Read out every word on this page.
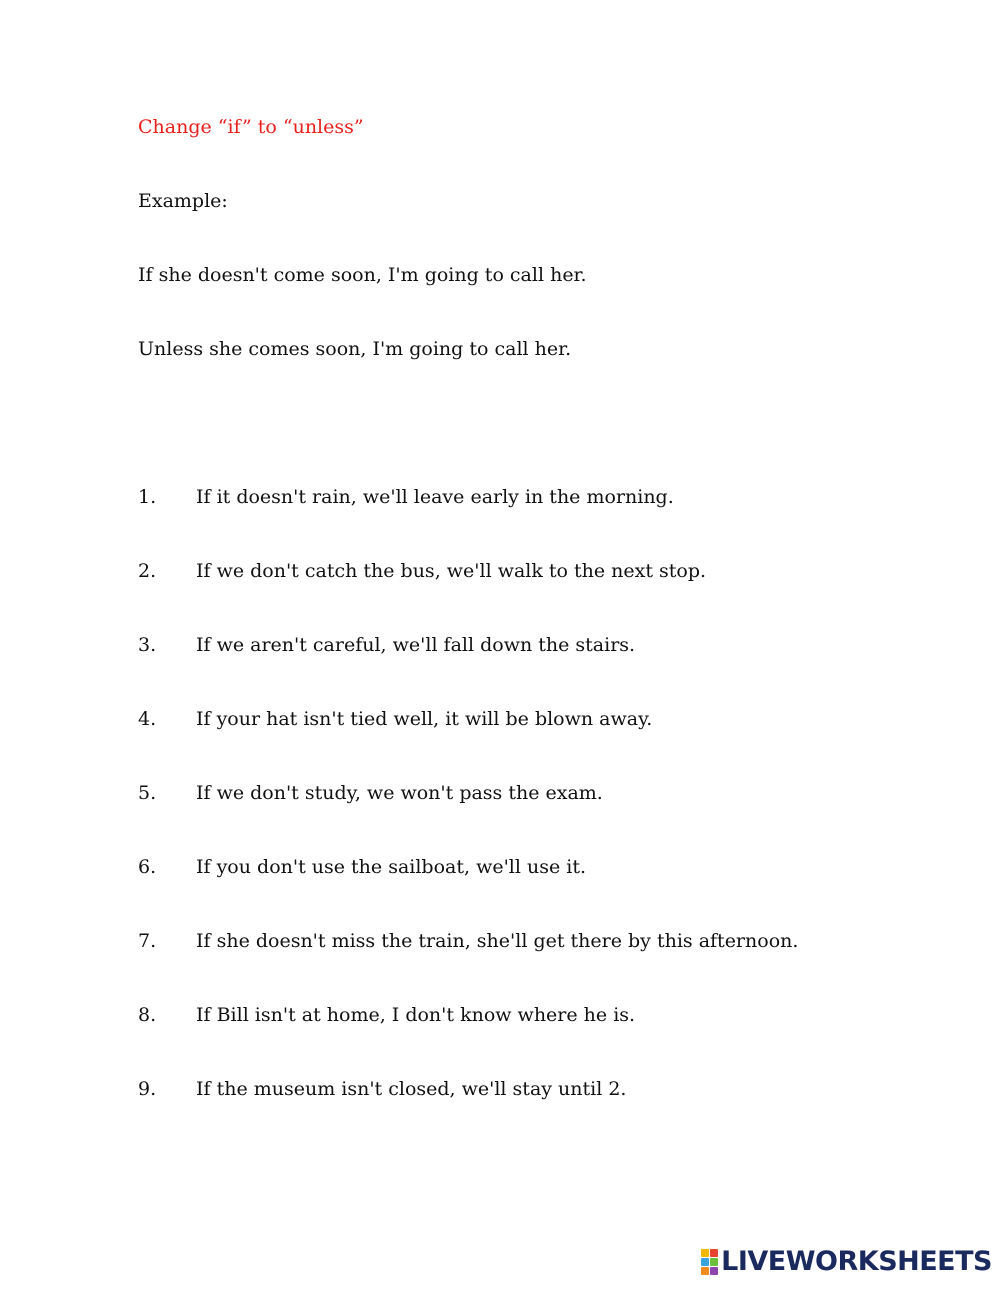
Change “if” to “unless”
Example:
If she doesn't come soon, I'm going to call her.
Unless she comes soon, I'm going to call her.
1. If it doesn't rain, we'll leave early in the morning.
2. If we don't catch the bus, we'll walk to the next stop.
3. If we aren't careful, we'll fall down the stairs.
4. If your hat isn't tied well, it will be blown away.
5. If we don't study, we won't pass the exam.
6. If you don't use the sailboat, we'll use it.
7. If she doesn't miss the train, she'll get there by this afternoon.
8. If Bill isn't at home, I don't know where he is.
9. If the museum isn't closed, we'll stay until 2.
LIVEWORKSHEETS
